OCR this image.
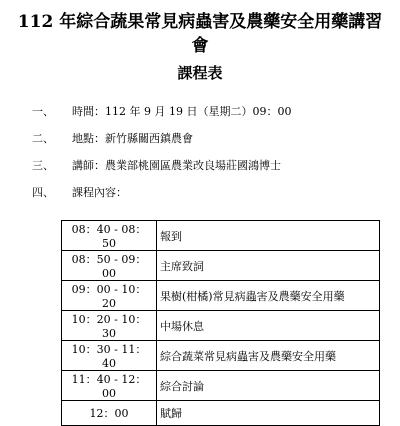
112 年綜合蔬果常見病蟲害及農藥安全用藥講習會
課程表
一、 時間：112 年 9 月 19 日（星期二）09：00
二、 地點：新竹縣關西鎮農會
三、 講師：農業部桃園區農業改良場莊國鴻博士
四、 課程內容：
08：40 - 08：50	報到
08：50 - 09：00	主席致詞
09：00 - 10：20	果樹(柑橘)常見病蟲害及農藥安全用藥
10：20 - 10：30	中場休息
10：30 - 11：40	綜合蔬菜常見病蟲害及農藥安全用藥
11：40 - 12：00	綜合討論
12：00	賦歸
